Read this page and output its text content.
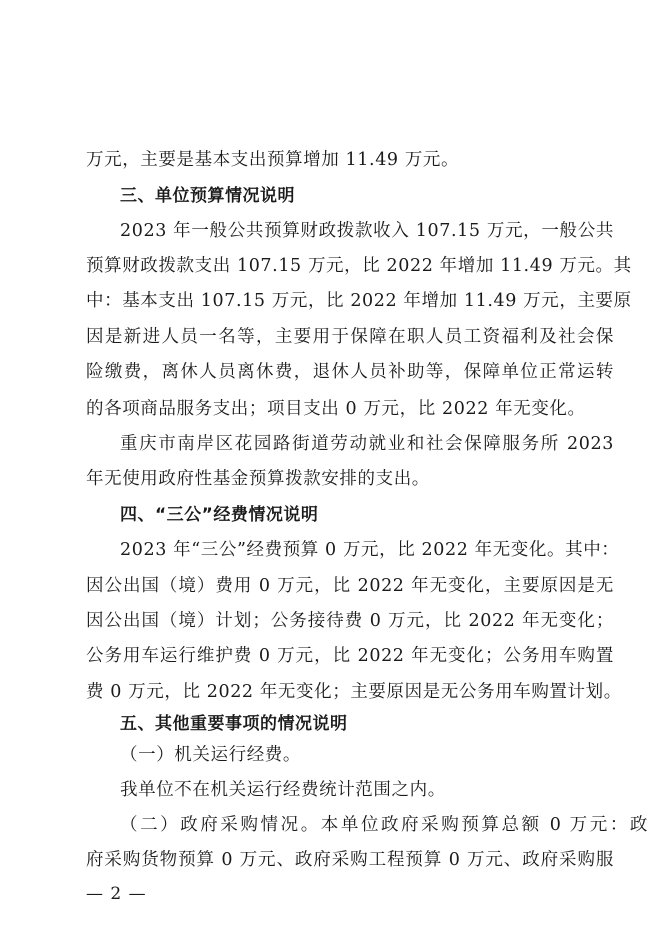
万元，主要是基本支出预算增加 11.49 万元。
三、单位预算情况说明
2023 年一般公共预算财政拨款收入 107.15 万元，一般公共
预算财政拨款支出 107.15 万元，比 2022 年增加 11.49 万元。其
中：基本支出 107.15 万元，比 2022 年增加 11.49 万元，主要原
因是新进人员一名等，主要用于保障在职人员工资福利及社会保
险缴费，离休人员离休费，退休人员补助等，保障单位正常运转
的各项商品服务支出；项目支出 0 万元，比 2022 年无变化。
重庆市南岸区花园路街道劳动就业和社会保障服务所 2023
年无使用政府性基金预算拨款安排的支出。
四、“三公”经费情况说明
2023 年“三公”经费预算 0 万元，比 2022 年无变化。其中：
因公出国（境）费用 0 万元，比 2022 年无变化，主要原因是无
因公出国（境）计划；公务接待费 0 万元，比 2022 年无变化；
公务用车运行维护费 0 万元，比 2022 年无变化；公务用车购置
费 0 万元，比 2022 年无变化；主要原因是无公务用车购置计划。
五、其他重要事项的情况说明
（一）机关运行经费。
我单位不在机关运行经费统计范围之内。
（二）政府采购情况。本单位政府采购预算总额 0 万元：政
府采购货物预算 0 万元、政府采购工程预算 0 万元、政府采购服
— 2 —
